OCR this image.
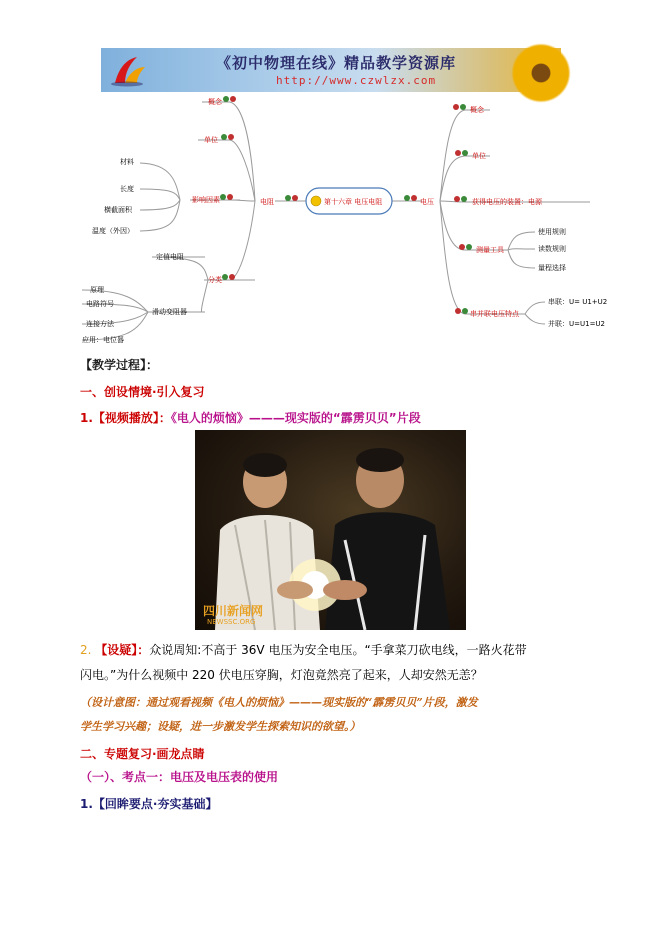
《初中物理在线》精品教学资源库
http://www.czwlzx.com
第十六章 电压电阻
电阻	电压
概念
单位
影响因素
材料
长度
横截面积
温度（外因）
分类
定值电阻
滑动变阻器
原理
电路符号
连接方法
应用：电位器
概念
单位
获得电压的装置：电源
测量工具
使用规则
读数规则
量程选择
串并联电压特点
串联：U= U1+U2
并联：U=U1=U2
【教学过程】：
一、创设情境·引入复习
1.【视频播放】：《电人的烦恼》———现实版的“霹雳贝贝”片段
四川新闻网
NEWSSC.ORG
2. 【设疑】：众说周知:不高于 36V 电压为安全电压。“手拿菜刀砍电线，一路火花带
闪电。”为什么视频中 220 伏电压穿胸，灯泡竟然亮了起来，人却安然无恙？
（设计意图：通过观看视频《电人的烦恼》———现实版的“霹雳贝贝”片段，激发
学生学习兴趣；设疑，进一步激发学生探索知识的欲望。）
二、专题复习·画龙点睛
（一）、考点一：电压及电压表的使用
1.【回眸要点·夯实基础】
